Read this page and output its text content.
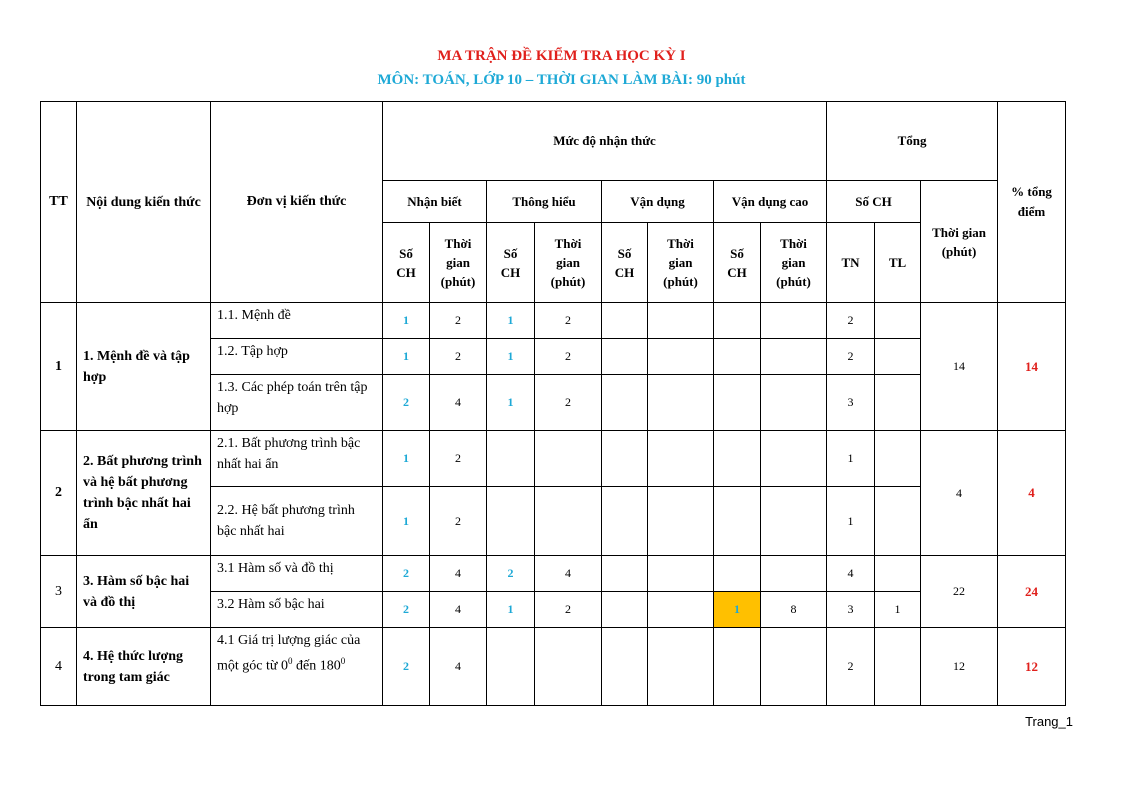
MA TRẬN ĐỀ KIỂM TRA HỌC KỲ I
MÔN: TOÁN, LỚP 10 – THỜI GIAN LÀM BÀI: 90 phút
TT	Nội dung kiến thức	Đơn vị kiến thức	Mức độ nhận thức								Tổng			% tổng điểm
			Nhận biết		Thông hiểu		Vận dụng		Vận dụng cao		Số CH		Thời gian (phút)	
			Số CH	Thời gian (phút)	Số CH	Thời gian (phút)	Số CH	Thời gian (phút)	Số CH	Thời gian (phút)	TN	TL		
1	1. Mệnh đề và tập hợp	1.1. Mệnh đề	1	2	1	2					2		14	14
		1.2. Tập hợp	1	2	1	2					2			
		1.3. Các phép toán trên tập hợp	2	4	1	2					3			
2	2. Bất phương trình và hệ bất phương trình bậc nhất hai ẩn	2.1. Bất phương trình bậc nhất hai ẩn	1	2							1		4	4
		2.2. Hệ bất phương trình bậc nhất hai	1	2							1			
3	3. Hàm số bậc hai và đồ thị	3.1 Hàm số và đồ thị	2	4	2	4					4		22	24
		3.2 Hàm số bậc hai	2	4	1	2			1	8	3	1		
4	4. Hệ thức lượng trong tam giác	4.1 Giá trị lượng giác của một góc từ $0^0$ đến $180^0$	2	4							2		12	12
Trang_1
